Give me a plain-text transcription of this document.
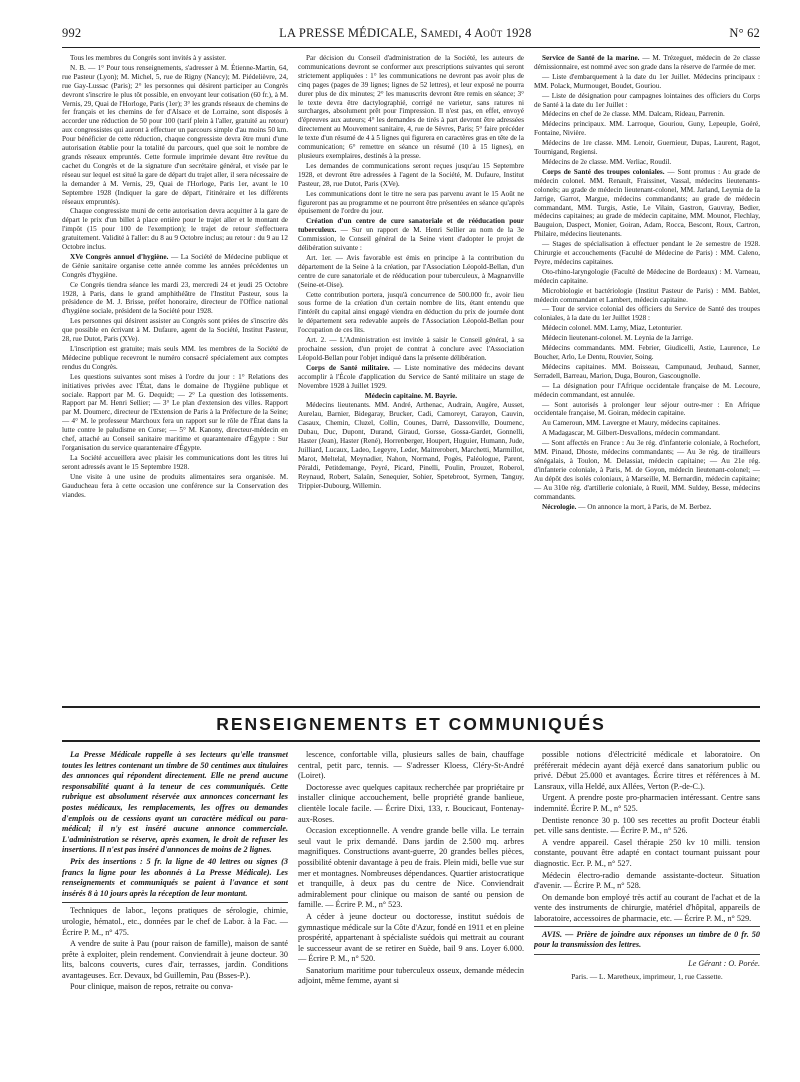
992	LA PRESSE MÉDICALE, Samedi, 4 Août 1928	N° 62

Tous les membres du Congrès sont invités à y assister.

N. B. — 1° Pour tous renseignements, s'adresser à M. Étienne-Martin, 64, rue Pasteur (Lyon); M. Michel, 5, rue de Rigny (Nancy); M. Piédelièvre, 24, rue Gay-Lussac (Paris); 2° les personnes qui désirent participer au Congrès devront s'inscrire le plus tôt possible, en envoyant leur cotisation (60 fr.), à M. Vernis, 29, Quai de l'Horloge, Paris (1er); 3° les grands réseaux de chemins de fer français et les chemins de fer d'Alsace et de Lorraine, sont disposés à accorder une réduction de 50 pour 100 (tarif plein à l'aller, gratuité au retour) aux congressistes qui auront à effectuer un parcours simple d'au moins 50 km. Pour bénéficier de cette réduction, chaque congressiste devra être muni d'une autorisation établie pour la totalité du parcours, quel que soit le nombre de grands réseaux empruntés. Cette formule imprimée devant être revêtue du cachet du Congrès et de la signature d'un secrétaire général, et visée par le réseau sur lequel est situé la gare de départ du trajet aller, il sera nécessaire de la demander à M. Vernis, 29, Quai de l'Horloge, Paris 1er, avant le 10 Septembre 1928 (Indiquer la gare de départ, l'itinéraire et les différents réseaux empruntés).

Chaque congressiste muni de cette autorisation devra acquitter à la gare de départ le prix d'un billet à place entière pour le trajet aller et le montant de l'impôt (15 pour 100 de l'exemption); le trajet de retour s'effectuera gratuitement. Validité à l'aller: du 8 au 9 Octobre inclus; au retour : du 9 au 12 Octobre inclus.

XVe Congrès annuel d'hygiène. — La Société de Médecine publique et de Génie sanitaire organise cette année comme les années précédentes un Congrès d'hygiène.

Ce Congrès tiendra séance les mardi 23, mercredi 24 et jeudi 25 Octobre 1928, à Paris, dans le grand amphithéâtre de l'Institut Pasteur, sous la présidence de M. J. Brisse, préfet honoraire, directeur de l'Office national d'hygiène sociale, président de la Société pour 1928.

Les personnes qui désirent assister au Congrès sont priées de s'inscrire dès que possible en écrivant à M. Dufaure, agent de la Société, Institut Pasteur, 28, rue Dutot, Paris (XVe).

L'inscription est gratuite; mais seuls MM. les membres de la Société de Médecine publique recevront le numéro consacré spécialement aux comptes rendus du Congrès.

Les questions suivantes sont mises à l'ordre du jour : 1° Relations des initiatives privées avec l'État, dans le domaine de l'hygiène publique et sociale. Rapport par M. G. Dequidt; — 2° La question des lotissements. Rapport par M. Henri Sellier; — 3° Le plan d'extension des villes. Rapport par M. Doumerc, directeur de l'Extension de Paris à la Préfecture de la Seine; — 4° M. le professeur Marchoux fera un rapport sur le rôle de l'État dans la lutte contre le paludisme en Corse; — 5° M. Kanony, directeur-médecin en chef, attaché au Conseil sanitaire maritime et quarantenaire d'Égypte : Sur l'organisation du service quarantenaire d'Égypte.

La Société accueillera avec plaisir les communications dont les titres lui seront adressés avant le 15 Septembre 1928.

Une visite à une usine de produits alimentaires sera organisée. M. Gauducheau fera à cette occasion une conférence sur la Conservation des viandes.

Par décision du Conseil d'administration de la Société, les auteurs de communications devront se conformer aux prescriptions suivantes qui seront strictement appliquées : 1° les communications ne devront pas avoir plus de cinq pages (pages de 39 lignes; lignes de 52 lettres), et leur exposé ne pourra durer plus de dix minutes; 2° les manuscrits devront être remis en séance; 3° le texte devra être dactylographié, corrigé ne varietur, sans ratures ni surcharges, absolument prêt pour l'impression. Il n'est pas, en effet, envoyé d'épreuves aux auteurs; 4° les demandes de tirés à part devront être adressées directement au Mouvement sanitaire, 4, rue de Sèvres, Paris; 5° faire précéder le texte d'un résumé de 4 à 5 lignes qui figurera en caractères gras en tête de la communication; 6° remettre en séance un résumé (10 à 15 lignes), en plusieurs exemplaires, destinés à la presse.

Les demandes de communications seront reçues jusqu'au 15 Septembre 1928, et devront être adressées à l'agent de la Société, M. Dufaure, Institut Pasteur, 28, rue Dutot, Paris (XVe).

Les communications dont le titre ne sera pas parvenu avant le 15 Août ne figureront pas au programme et ne pourront être présentées en séance qu'après épuisement de l'ordre du jour.

Création d'un centre de cure sanatoriale et de rééducation pour tuberculeux. — Sur un rapport de M. Henri Sellier au nom de la 3e Commission, le Conseil général de la Seine vient d'adopter le projet de délibération suivante :

Art. 1er. — Avis favorable est émis en principe à la contribution du département de la Seine à la création, par l'Association Léopold-Bellan, d'un centre de cure sanatoriale et de rééducation pour tuberculeux, à Magnanville (Seine-et-Oise).

Cette contribution portera, jusqu'à concurrence de 500.000 fr., avoir lieu sous forme de la création d'un certain nombre de lits, étant entendu que l'intérêt du capital ainsi engagé viendra en déduction du prix de journée dont le département sera redevable auprès de l'Association Léopold-Bellan pour l'occupation de ces lits.

Art. 2. — L'Administration est invitée à saisir le Conseil général, à sa prochaine session, d'un projet de contrat à conclure avec l'Association Léopold-Bellan pour l'objet indiqué dans la présente délibération.

Corps de Santé militaire. — Liste nominative des médecins devant accomplir à l'École d'application du Service de Santé militaire un stage de Novembre 1928 à Juillet 1929.

Médecin capitaine. M. Bayrie.

Médecins lieutenants. MM. André, Arthenac, Audrain, Augère, Ausset, Aurelau, Barnier, Bidegaray, Brucker, Cadi, Camoreyt, Carayon, Cauvin, Casaux, Chemin, Cluzel, Collin, Counes, Darré, Dassonville, Doumenc, Dubau, Duc, Dupont, Durand, Giraud, Gorsse, Gossa-Gardet, Gonnelli, Haster (Jean), Haster (René), Horrenberger, Houpert, Huguier, Humann, Jude, Juilliard, Lucaux, Ladeo, Legeyre, Leder, Maitrerobert, Marchetti, Marmillot, Marot, Meltelal, Meynadier, Nahon, Normand, Pogès, Paléologue, Parent, Péraldi, Petitdemange, Peyré, Picard, Pinelli, Poulin, Prouzet, Roberol, Reynaud, Robert, Salaün, Senequier, Sohier, Spetebroot, Syrmen, Tanguy, Trippier-Dubourg, Willemin.

Service de Santé de la marine. — M. Trézeguet, médecin de 2e classe démissionnaire, est nommé avec son grade dans la réserve de l'armée de mer.

— Liste d'embarquement à la date du 1er Juillet. Médecins principaux : MM. Polack, Murmouget, Boudet, Gouriou.

— Liste de désignation pour campagnes lointaines des officiers du Corps de Santé à la date du 1er Juillet :

Médecins en chef de 2e classe. MM. Dalcam, Rideau, Parrenin.

Médecins principaux. MM. Larroque, Gouriou, Guny, Lepeuple, Goéré, Fontaine, Nivière.

Médecins de 1re classe. MM. Lenoir, Guernieur, Dupas, Laurent, Ragot, Tournigand, Regiensi.

Médecins de 2e classe. MM. Verliac, Roudil.

Corps de Santé des troupes coloniales. — Sont promus : Au grade de médecin colonel. MM. Renault, Fraissinet, Vassal, médecins lieutenants-colonels; au grade de médecin lieutenant-colonel, MM. Jarland, Leymia de la Jarrige, Garrot, Margue, médecins commandants; au grade de médecin commandant, MM. Turgis, Astie, Le Vilain, Gastron, Gauvray, Bedier, médecins capitaines; au grade de médecin capitaine, MM. Mounot, Flechlay, Bauguion, Daspect, Monier, Goiran, Adam, Rocca, Bescont, Roux, Cartron, Philaire, médecins lieutenants.

— Stages de spécialisation à effectuer pendant le 2e semestre de 1928. Chirurgie et accouchements (Faculté de Médecine de Paris) : MM. Caleno, Peyre, médecins capitaines.

Oto-rhino-laryngologie (Faculté de Médecine de Bordeaux) : M. Varneau, médecin capitaine.

Microbiologie et bactériologie (Institut Pasteur de Paris) : MM. Bablet, médecin commandant et Lambert, médecin capitaine.

— Tour de service colonial des officiers du Service de Santé des troupes coloniales, à la date du 1er Juillet 1928 :

Médecin colonel. MM. Lamy, Miaz, Letonturier.

Médecin lieutenant-colonel. M. Leynia de la Jarrige.

Médecins commandants. MM. Febrier, Giudicelli, Astie, Laurence, Le Boucher, Arlo, Le Dentu, Rouvier, Soing.

Médecins capitaines. MM. Boisseau, Campunaud, Jeuhaud, Sanner, Serradell, Barreau, Marion, Duga, Bouron, Gascougnolle.

— La désignation pour l'Afrique occidentale française de M. Lecoure, médecin commandant, est annulée.

— Sont autorisés à prolonger leur séjour outre-mer : En Afrique occidentale française, M. Goiran, médecin capitaine.

Au Cameroun, MM. Lavergne et Maury, médecins capitaines.

A Madagascar, M. Gilbert-Desvallons, médecin commandant.

— Sont affectés en France : Au 3e rég. d'infanterie coloniale, à Rochefort, MM. Pinaud, Dhoste, médecins commandants; — Au 3e rég. de tirailleurs sénégalais, à Toulon, M. Delassiat, médecin capitaine; — Au 21e rég. d'infanterie coloniale, à Paris, M. de Goyon, médecin lieutenant-colonel; — Au dépôt des isolés coloniaux, à Marseille, M. Bernardin, médecin capitaine; — Au 310e rég. d'artillerie coloniale, à Rueil, MM. Suldey, Besse, médecins commandants.

Nécrologie. — On annonce la mort, à Paris, de M. Berbez.

RENSEIGNEMENTS ET COMMUNIQUÉS

La Presse Médicale rappelle à ses lecteurs qu'elle transmet toutes les lettres contenant un timbre de 50 centimes aux titulaires des annonces qui répondent directement. Elle ne prend aucune responsabilité quant à la teneur de ces communiqués. Cette rubrique est absolument réservée aux annonces concernant les postes médicaux, les remplacements, les offres ou demandes d'emplois ou de cessions ayant un caractère médical ou para-médical; il n'y est inséré aucune annonce commerciale. L'administration se réserve, après examen, le droit de refuser les insertions. Il n'est pas inséré d'annonces de moins de 2 lignes.

Prix des insertions : 5 fr. la ligne de 40 lettres ou signes (3 francs la ligne pour les abonnés à La Presse Médicale). Les renseignements et communiqués se paient à l'avance et sont insérés 8 à 10 jours après la réception de leur montant.

Techniques de labor., leçons pratiques de sérologie, chimie, urologie, hématol., etc., données par le chef de Labor. à la Fac. — Écrire P. M., n° 475.

A vendre de suite à Pau (pour raison de famille), maison de santé prête à exploiter, plein rendement. Conviendrait à jeune docteur. 30 lits, balcons couverts, cures d'air, terrasses, jardin. Conditions avantageuses. Ecr. Devaux, bd Guillemin, Pau (Bsses-P.).

Pour clinique, maison de repos, retraite ou conva-

lescence, confortable villa, plusieurs salles de bain, chauffage central, petit parc, tennis. — S'adresser Kloess, Cléry-St-André (Loiret).

Doctoresse avec quelques capitaux recherchée par propriétaire pr installer clinique accouchement, belle propriété grande banlieue, clientèle locale facile. — Écrire Dixi, 133, r. Boucicaut, Fontenay-aux-Roses.

Occasion exceptionnelle. A vendre grande belle villa. Le terrain seul vaut le prix demandé. Dans jardin de 2.500 mq. arbres magnifiques. Constructions avant-guerre, 20 grandes belles pièces, possibilité obtenir davantage à peu de frais. Plein midi, belle vue sur mer et montagnes. Nombreuses dépendances. Quartier aristocratique et tranquille, à deux pas du centre de Nice. Conviendrait admirablement pour clinique ou maison de santé ou pension de famille. — Écrire P. M., n° 523.

A céder à jeune docteur ou doctoresse, institut suédois de gymnastique médicale sur la Côte d'Azur, fondé en 1911 et en pleine prospérité, appartenant à spécialiste suédois qui mettrait au courant le successeur avant de se retirer en Suède, bail 9 ans. Loyer 6.000. — Écrire P. M., n° 520.

Sanatorium maritime pour tuberculeux osseux, demande médecin adjoint, même femme, ayant si

possible notions d'électricité médicale et laboratoire. On préférerait médecin ayant déjà exercé dans sanatorium public ou privé. Début 25.000 et avantages. Écrire titres et références à M. Lansraux, villa Heldé, aux Allées, Verton (P.-de-C.).

Urgent. A prendre poste pro-pharmacien intéressant. Centre sans indemnité. Écrire P. M., n° 525.

Dentiste renonce 30 p. 100 ses recettes au profit Docteur établi pet. ville sans dentiste. — Écrire P. M., n° 526.

A vendre appareil. Casel thérapie 250 kv 10 milli. tension constante, pouvant être adapté en contact tournant puissant pour diagnostic. Ecr. P. M., n° 527.

Médecin électro-radio demande assistante-docteur. Situation d'avenir. — Écrire P. M., n° 528.

On demande bon employé très actif au courant de l'achat et de la vente des instruments de chirurgie, matériel d'hôpital, appareils de laboratoire, accessoires de pharmacie, etc. — Écrire P. M., n° 529.

AVIS. — Prière de joindre aux réponses un timbre de 0 fr. 50 pour la transmission des lettres.

Le Gérant : O. Porée.
Paris. — L. Maretheux, imprimeur, 1, rue Cassette.
